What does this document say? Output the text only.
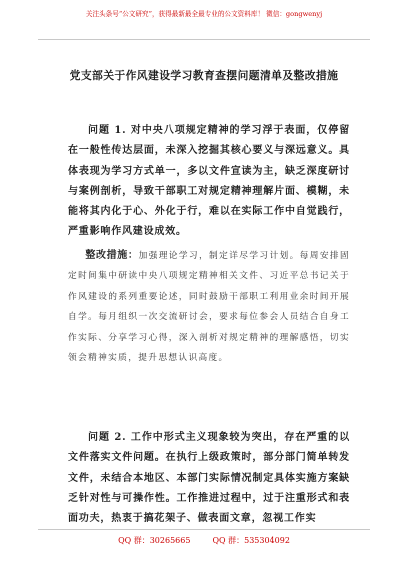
关注头条号“公文研究”，获得最新最全最专业的公文资料库！ 微信：gongwenyj
党支部关于作风建设学习教育查摆问题清单及整改措施

问题 1. 对中央八项规定精神的学习浮于表面，仅停留在一般性传达层面，未深入挖掘其核心要义与深远意义。具体表现为学习方式单一，多以文件宣读为主，缺乏深度研讨与案例剖析，导致干部职工对规定精神理解片面、模糊，未能将其内化于心、外化于行，难以在实际工作中自觉践行，严重影响作风建设成效。

整改措施：加强理论学习，制定详尽学习计划。每周安排固定时间集中研读中央八项规定精神相关文件、习近平总书记关于作风建设的系列重要论述，同时鼓励干部职工利用业余时间开展自学。每月组织一次交流研讨会，要求每位参会人员结合自身工作实际、分享学习心得，深入剖析对规定精神的理解感悟，切实领会精神实质，提升思想认识高度。

问题 2. 工作中形式主义现象较为突出，存在严重的以文件落实文件问题。在执行上级政策时，部分部门简单转发文件，未结合本地区、本部门实际情况制定具体实施方案缺乏针对性与可操作性。工作推进过程中，过于注重形式和表面功夫，热衷于搞花架子、做表面文章，忽视工作实

QQ 群：30265665	QQ 群：535304092
